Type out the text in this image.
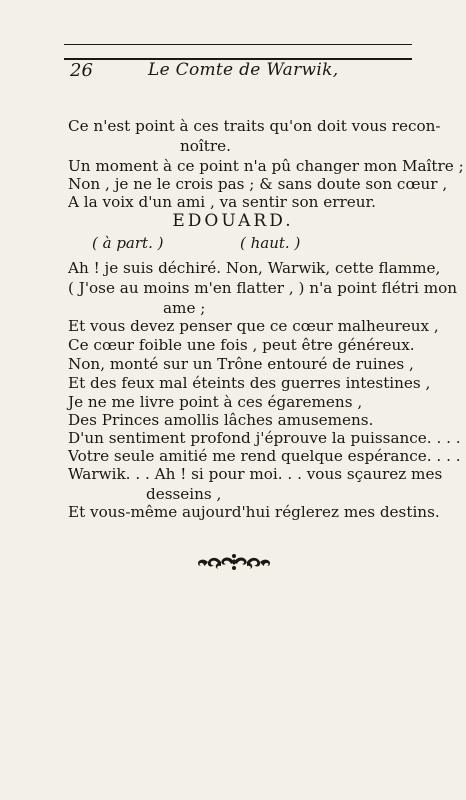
26	Le Comte de Warwik,
Ce n'est point à ces traits qu'on doit vous recon-
noître.
Un moment à ce point n'a pû changer mon Maître ;
Non , je ne le crois pas ; & sans doute son cœur ,
A la voix d'un ami , va sentir son erreur.
EDOUARD.
( à part. )	( haut. )
Ah ! je suis déchiré. Non, Warwik, cette flamme,
( J'ose au moins m'en flatter , ) n'a point flétri mon
ame ;
Et vous devez penser que ce cœur malheureux ,
Ce cœur foible une fois , peut être généreux.
Non, monté sur un Trône entouré de ruines ,
Et des feux mal éteints des guerres intestines ,
Je ne me livre point à ces égaremens ,
Des Princes amollis lâches amusemens.
D'un sentiment profond j'éprouve la puissance. . . .
Votre seule amitié me rend quelque espérance. . . .
Warwik. . . Ah ! si pour moi. . . vous sçaurez mes
desseins ,
Et vous-même aujourd'hui réglerez mes destins.
